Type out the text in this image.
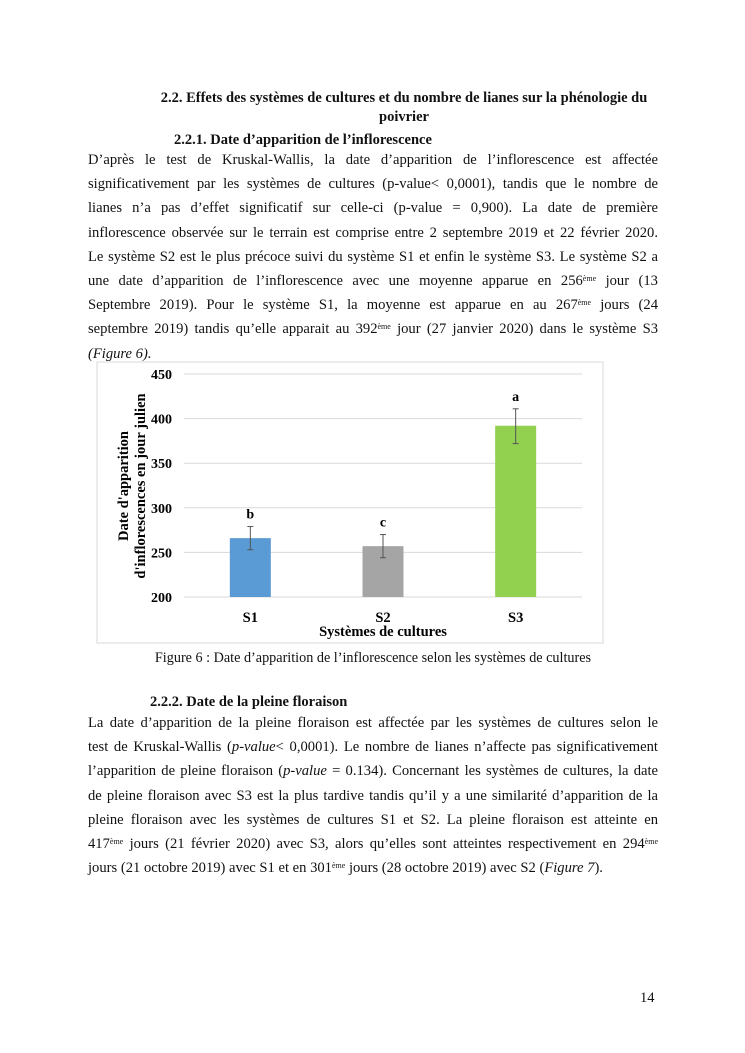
2.2. Effets des systèmes de cultures et du nombre de lianes sur la phénologie du
poivrier
2.2.1. Date d’apparition de l’inflorescence
D’après le test de Kruskal-Wallis, la date d’apparition de l’inflorescence est affectée
significativement par les systèmes de cultures (p-value< 0,0001), tandis que le nombre de
lianes n’a pas d’effet significatif sur celle-ci (p-value = 0,900). La date de première
inflorescence observée sur le terrain est comprise entre 2 septembre 2019 et 22 février 2020.
Le système S2 est le plus précoce suivi du système S1 et enfin le système S3. Le système S2 a
une date d’apparition de l’inflorescence avec une moyenne apparue en 256ème jour (13
Septembre 2019). Pour le système S1, la moyenne est apparue en au 267ème jours (24
septembre 2019) tandis qu’elle apparait au 392ème jour (27 janvier 2020) dans le système S3
(Figure 6).
200
250
300
350
400
450
b
S1
c
S2
a
S3
Systèmes de cultures
Date d'apparition d'inflorescences en jour julien
Figure 6 : Date d’apparition de l’inflorescence selon les systèmes de cultures
2.2.2. Date de la pleine floraison
La date d’apparition de la pleine floraison est affectée par les systèmes de cultures selon le
test de Kruskal-Wallis (p-value< 0,0001). Le nombre de lianes n’affecte pas significativement
l’apparition de pleine floraison (p-value = 0.134). Concernant les systèmes de cultures, la date
de pleine floraison avec S3 est la plus tardive tandis qu’il y a une similarité d’apparition de la
pleine floraison avec les systèmes de cultures S1 et S2. La pleine floraison est atteinte en
417ème jours (21 février 2020) avec S3, alors qu’elles sont atteintes respectivement en 294ème
jours (21 octobre 2019) avec S1 et en 301ème jours (28 octobre 2019) avec S2 (Figure 7).
14
